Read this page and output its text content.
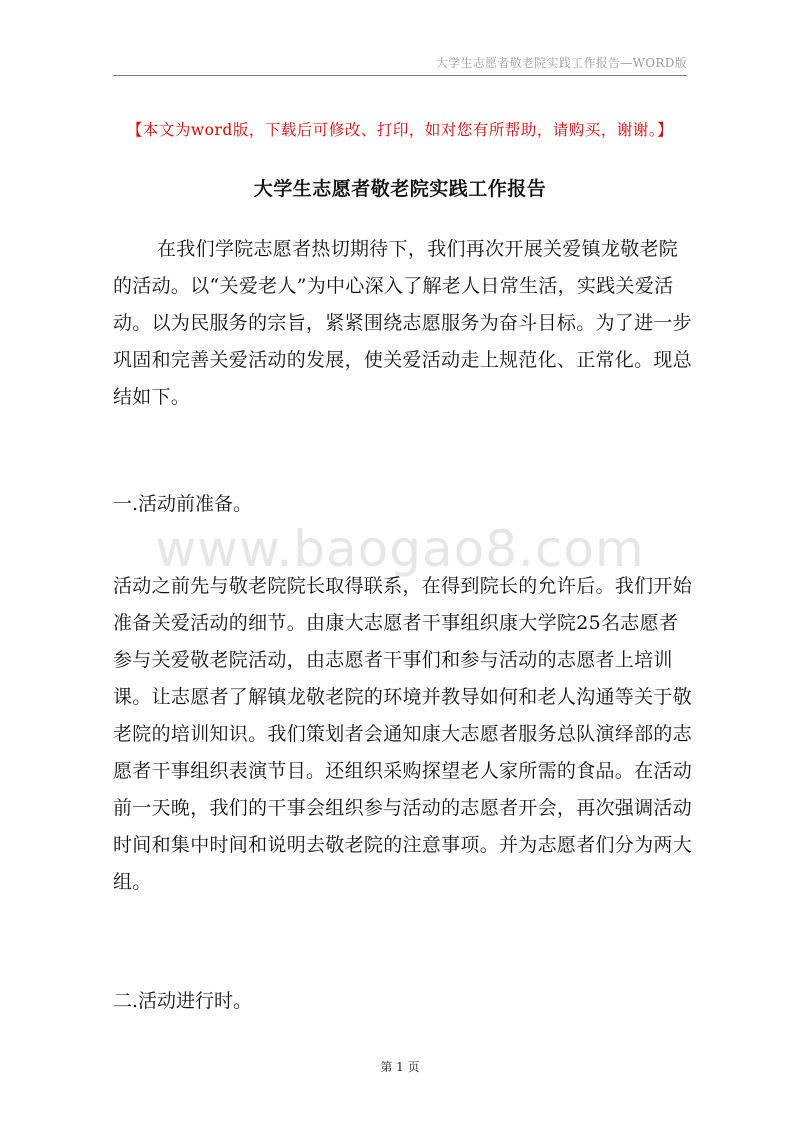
大学生志愿者敬老院实践工作报告—WORD版
【本文为word版，下载后可修改、打印，如对您有所帮助，请购买，谢谢。】
大学生志愿者敬老院实践工作报告

在我们学院志愿者热切期待下，我们再次开展关爱镇龙敬老院的活动。以“关爱老人”为中心深入了解老人日常生活，实践关爱活动。以为民服务的宗旨，紧紧围绕志愿服务为奋斗目标。为了进一步巩固和完善关爱活动的发展，使关爱活动走上规范化、正常化。现总结如下。

一.活动前准备。

www.baogao8.com

活动之前先与敬老院院长取得联系，在得到院长的允许后。我们开始准备关爱活动的细节。由康大志愿者干事组织康大学院25名志愿者参与关爱敬老院活动，由志愿者干事们和参与活动的志愿者上培训课。让志愿者了解镇龙敬老院的环境并教导如何和老人沟通等关于敬老院的培训知识。我们策划者会通知康大志愿者服务总队演绎部的志愿者干事组织表演节目。还组织采购探望老人家所需的食品。在活动前一天晚，我们的干事会组织参与活动的志愿者开会，再次强调活动时间和集中时间和说明去敬老院的注意事项。并为志愿者们分为两大组。

二.活动进行时。

第 1 页
